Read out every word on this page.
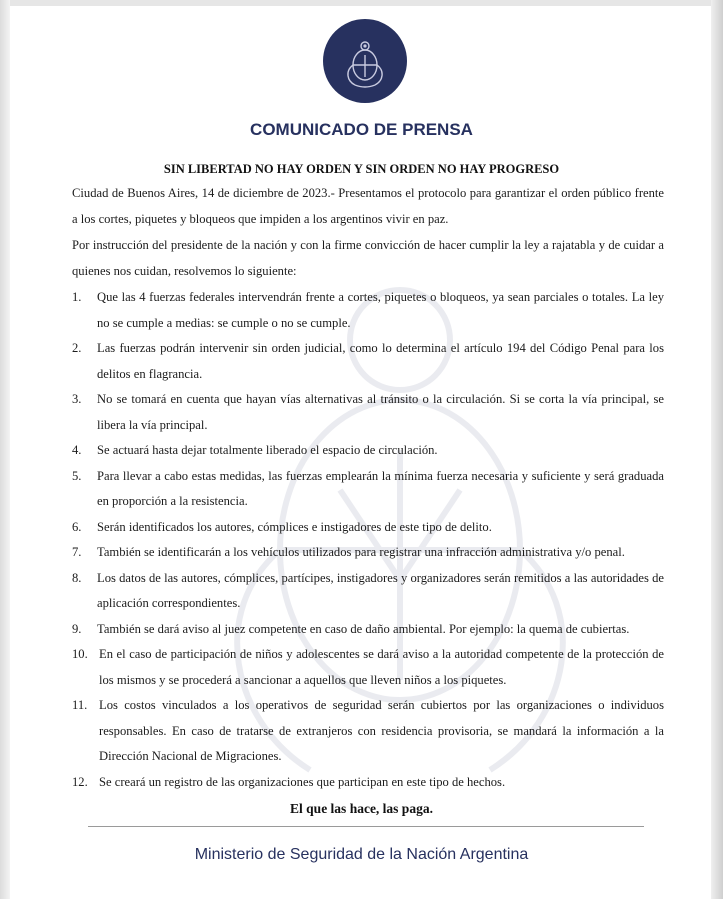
COMUNICADO DE PRENSA
SIN LIBERTAD NO HAY ORDEN Y SIN ORDEN NO HAY PROGRESO
Ciudad de Buenos Aires, 14 de diciembre de 2023.- Presentamos el protocolo para garantizar el orden público frente a los cortes, piquetes y bloqueos que impiden a los argentinos vivir en paz.
Por instrucción del presidente de la nación y con la firme convicción de hacer cumplir la ley a rajatabla y de cuidar a quienes nos cuidan, resolvemos lo siguiente:
1. Que las 4 fuerzas federales intervendrán frente a cortes, piquetes o bloqueos, ya sean parciales o totales. La ley no se cumple a medias: se cumple o no se cumple.
2. Las fuerzas podrán intervenir sin orden judicial, como lo determina el artículo 194 del Código Penal para los delitos en flagrancia.
3. No se tomará en cuenta que hayan vías alternativas al tránsito o la circulación. Si se corta la vía principal, se libera la vía principal.
4. Se actuará hasta dejar totalmente liberado el espacio de circulación.
5. Para llevar a cabo estas medidas, las fuerzas emplearán la mínima fuerza necesaria y suficiente y será graduada en proporción a la resistencia.
6. Serán identificados los autores, cómplices e instigadores de este tipo de delito.
7. También se identificarán a los vehículos utilizados para registrar una infracción administrativa y/o penal.
8. Los datos de las autores, cómplices, partícipes, instigadores y organizadores serán remitidos a las autoridades de aplicación correspondientes.
9. También se dará aviso al juez competente en caso de daño ambiental. Por ejemplo: la quema de cubiertas.
10. En el caso de participación de niños y adolescentes se dará aviso a la autoridad competente de la protección de los mismos y se procederá a sancionar a aquellos que lleven niños a los piquetes.
11. Los costos vinculados a los operativos de seguridad serán cubiertos por las organizaciones o individuos responsables. En caso de tratarse de extranjeros con residencia provisoria, se mandará la información a la Dirección Nacional de Migraciones.
12. Se creará un registro de las organizaciones que participan en este tipo de hechos.
El que las hace, las paga.
Ministerio de Seguridad de la Nación Argentina
